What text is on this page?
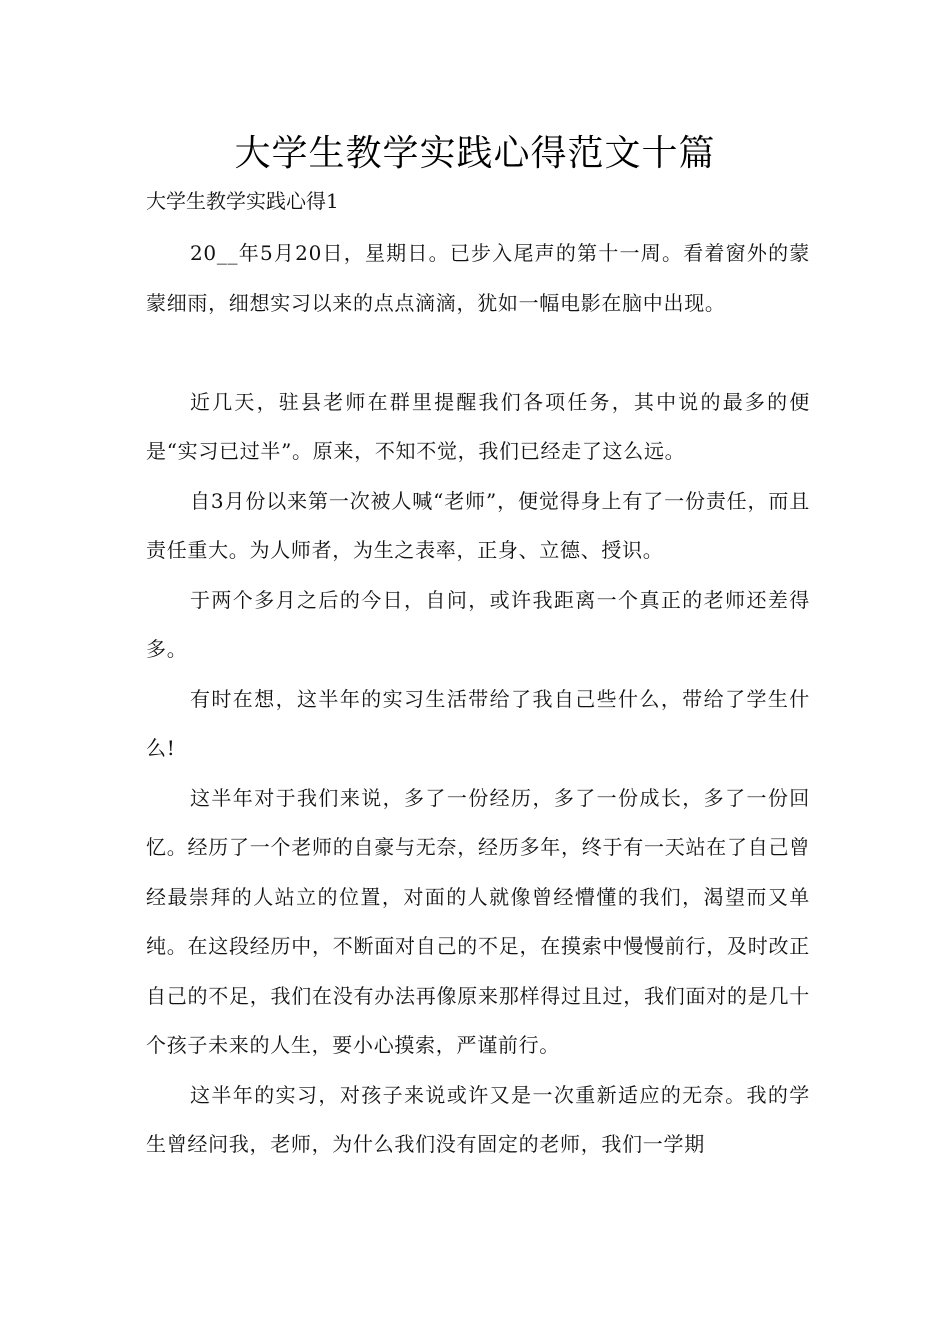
大学生教学实践心得范文十篇
大学生教学实践心得1

20__年5月20日，星期日。已步入尾声的第十一周。看着窗外的蒙蒙细雨，细想实习以来的点点滴滴，犹如一幅电影在脑中出现。

近几天，驻县老师在群里提醒我们各项任务，其中说的最多的便是“实习已过半”。原来，不知不觉，我们已经走了这么远。

自3月份以来第一次被人喊“老师”，便觉得身上有了一份责任，而且责任重大。为人师者，为生之表率，正身、立德、授识。

于两个多月之后的今日，自问，或许我距离一个真正的老师还差得多。

有时在想，这半年的实习生活带给了我自己些什么，带给了学生什么!

这半年对于我们来说，多了一份经历，多了一份成长，多了一份回忆。经历了一个老师的自豪与无奈，经历多年，终于有一天站在了自己曾经最崇拜的人站立的位置，对面的人就像曾经懵懂的我们，渴望而又单纯。在这段经历中，不断面对自己的不足，在摸索中慢慢前行，及时改正自己的不足，我们在没有办法再像原来那样得过且过，我们面对的是几十个孩子未来的人生，要小心摸索，严谨前行。

这半年的实习，对孩子来说或许又是一次重新适应的无奈。我的学生曾经问我，老师，为什么我们没有固定的老师，我们一学期
